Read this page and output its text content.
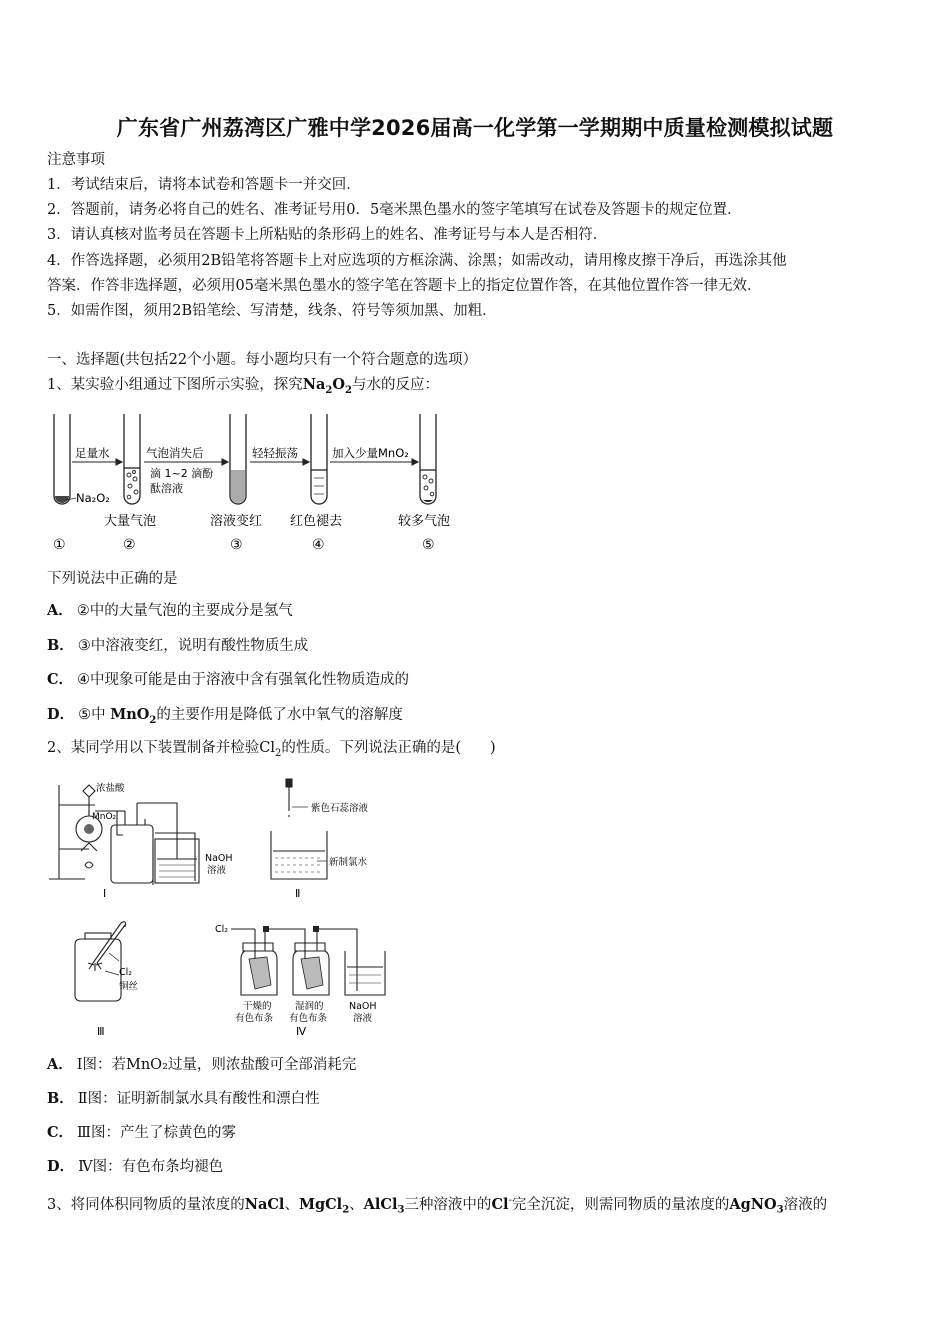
广东省广州荔湾区广雅中学2026届高一化学第一学期期中质量检测模拟试题
注意事项
1．考试结束后，请将本试卷和答题卡一并交回．
2．答题前，请务必将自己的姓名、准考证号用0．5毫米黑色墨水的签字笔填写在试卷及答题卡的规定位置．
3．请认真核对监考员在答题卡上所粘贴的条形码上的姓名、准考证号与本人是否相符．
4．作答选择题，必须用2B铅笔将答题卡上对应选项的方框涂满、涂黑；如需改动，请用橡皮擦干净后，再选涂其他
答案．作答非选择题，必须用05毫米黑色墨水的签字笔在答题卡上的指定位置作答，在其他位置作答一律无效．
5．如需作图，须用2B铅笔绘、写清楚，线条、符号等须加黑、加粗．
一、选择题(共包括22个小题。每小题均只有一个符合题意的选项）
1、某实验小组通过下图所示实验，探究$Na_2O_2$与水的反应：
足量水	气泡消失后
滴 1~2 滴酚
酞溶液
轻轻振荡	加入少量MnO₂
Na₂O₂
大量气泡	溶液变红 红色褪去	较多气泡
①	②	③	④	⑤
下列说法中正确的是
A． ②中的大量气泡的主要成分是氢气
B． ③中溶液变红，说明有酸性物质生成
C． ④中现象可能是由于溶液中含有强氧化性物质造成的
D． ⑤中 MnO$_2$的主要作用是降低了水中氧气的溶解度
2、某同学用以下装置制备并检验$Cl_2$的性质。下列说法正确的是(　　)
浓盐酸
MnO₂
NaOH
溶液
Ⅰ
紫色石蕊溶液
新制氯水
Ⅱ
Cl₂
铜丝
Ⅲ
Cl₂
干燥的
有色布条
湿润的
有色布条
NaOH
溶液
Ⅳ
A． Ⅰ图：若MnO₂过量，则浓盐酸可全部消耗完
B． Ⅱ图：证明新制氯水具有酸性和漂白性
C． Ⅲ图：产生了棕黄色的雾
D． Ⅳ图：有色布条均褪色
3、将同体积同物质的量浓度的NaCl、MgCl$_2$、AlCl$_3$三种溶液中的Cl-完全沉淀，则需同物质的量浓度的AgNO$_3$溶液的
